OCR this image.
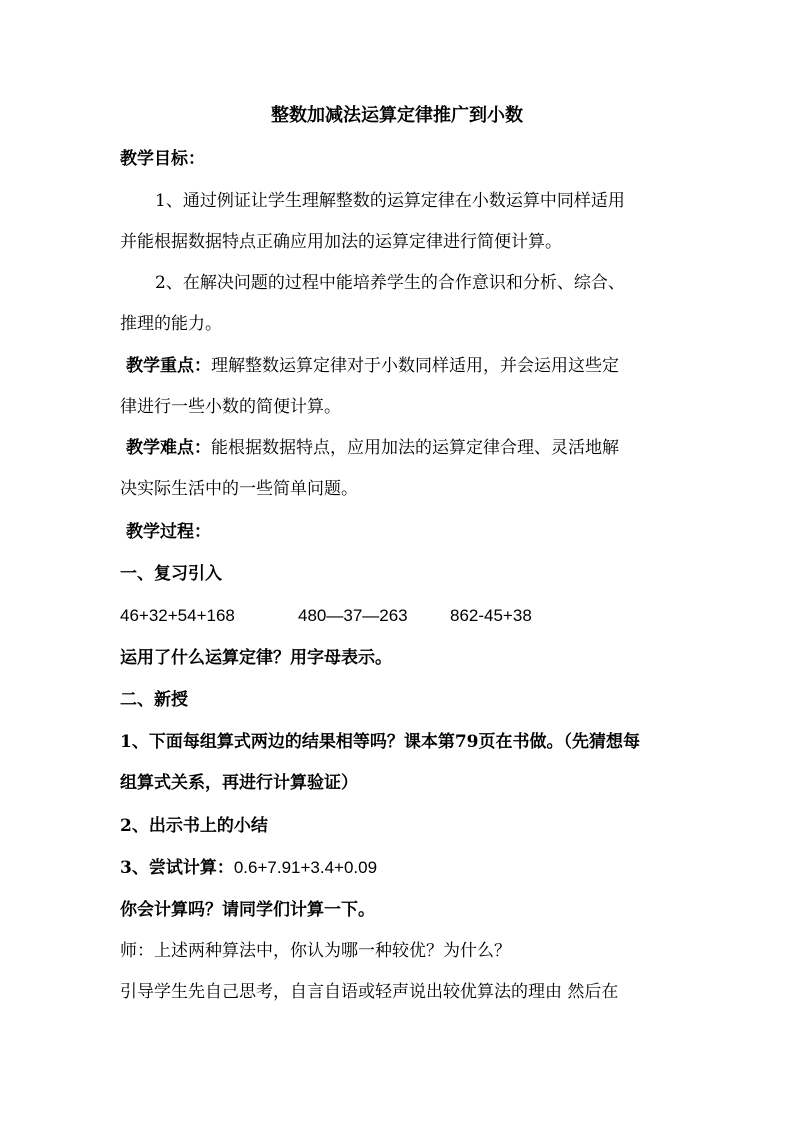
整数加减法运算定律推广到小数
教学目标：
1、通过例证让学生理解整数的运算定律在小数运算中同样适用
并能根据数据特点正确应用加法的运算定律进行简便计算。
2、在解决问题的过程中能培养学生的合作意识和分析、综合、
推理的能力。
教学重点：理解整数运算定律对于小数同样适用，并会运用这些定
律进行一些小数的简便计算。
教学难点：能根据数据特点，应用加法的运算定律合理、灵活地解
决实际生活中的一些简单问题。
教学过程：
一、复习引入
46+32+54+168	480—37—263 862-45+38
运用了什么运算定律？用字母表示。
二、新授
1、下面每组算式两边的结果相等吗？课本第79页在书做。（先猜想每
组算式关系，再进行计算验证）
2、出示书上的小结
3、尝试计算：0.6+7.91+3.4+0.09
你会计算吗？请同学们计算一下。
师：上述两种算法中，你认为哪一种较优？为什么？
引导学生先自己思考，自言自语或轻声说出较优算法的理由 然后在
